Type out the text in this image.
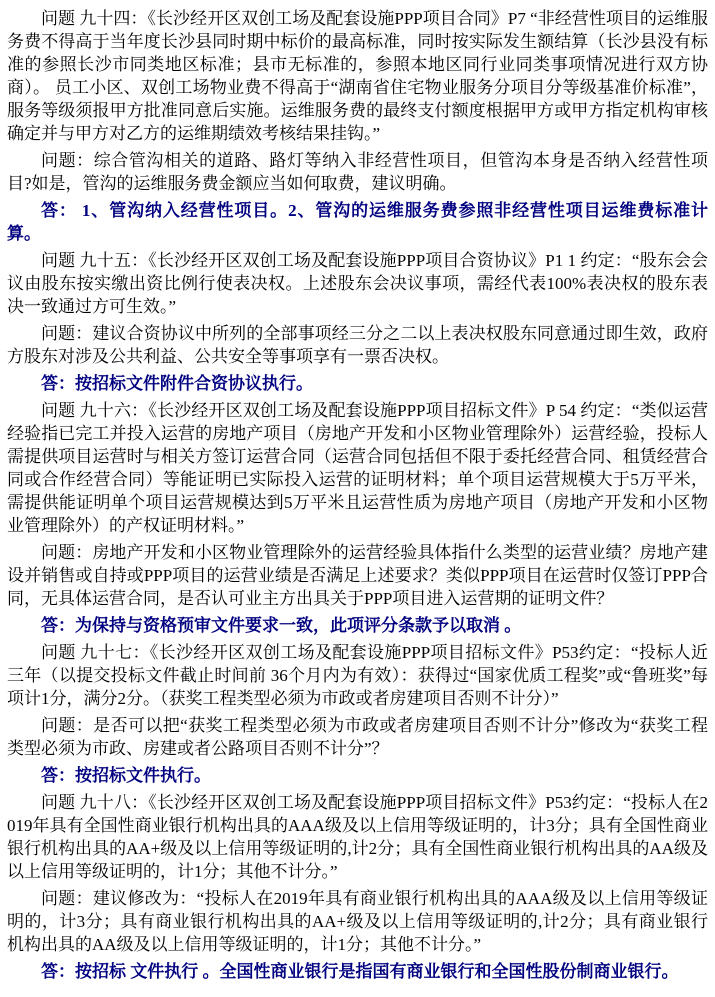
问题 九十四：《长沙经开区双创工场及配套设施PPP项目合同》P7 “非经营性项目的运维服务费不得高于当年度长沙县同时期中标价的最高标准，同时按实际发生额结算（长沙县没有标准的参照长沙市同类地区标准；县市无标准的，参照本地区同行业同类事项情况进行双方协商）。 员工小区、双创工场物业费不得高于“湖南省住宅物业服务分项目分等级基准价标准”，服务等级须报甲方批准同意后实施。运维服务费的最终支付额度根据甲方或甲方指定机构审核确定并与甲方对乙方的运维期绩效考核结果挂钩。”

问题：综合管沟相关的道路、路灯等纳入非经营性项目，但管沟本身是否纳入经营性项目?如是，管沟的运维服务费金额应当如何取费，建议明确。

答： 1、管沟纳入经营性项目。2、管沟的运维服务费参照非经营性项目运维费标准计算。

问题 九十五：《长沙经开区双创工场及配套设施PPP项目合资协议》P1 1 约定：“股东会会议由股东按实缴出资比例行使表决权。上述股东会决议事项，需经代表100%表决权的股东表决一致通过方可生效。”

问题：建议合资协议中所列的全部事项经三分之二以上表决权股东同意通过即生效，政府方股东对涉及公共利益、公共安全等事项享有一票否决权。

答：按招标文件附件合资协议执行。

问题 九十六：《长沙经开区双创工场及配套设施PPP项目招标文件》P 54 约定：“类似运营经验指已完工并投入运营的房地产项目（房地产开发和小区物业管理除外）运营经验，投标人需提供项目运营时与相关方签订运营合同（运营合同包括但不限于委托经营合同、租赁经营合同或合作经营合同）等能证明已实际投入运营的证明材料；单个项目运营规模大于5万平米，需提供能证明单个项目运营规模达到5万平米且运营性质为房地产项目（房地产开发和小区物业管理除外）的产权证明材料。”

问题：房地产开发和小区物业管理除外的运营经验具体指什么类型的运营业绩？房地产建设并销售或自持或PPP项目的运营业绩是否满足上述要求？类似PPP项目在运营时仅签订PPP合同，无具体运营合同，是否认可业主方出具关于PPP项目进入运营期的证明文件？

答：为保持与资格预审文件要求一致，此项评分条款予以取消 。

问题 九十七：《长沙经开区双创工场及配套设施PPP项目招标文件》P53约定：“投标人近三年（以提交投标文件截止时间前 36个月内为有效）：获得过“国家优质工程奖”或“鲁班奖”每项计1分，满分2分。（获奖工程类型必须为市政或者房建项目否则不计分）”

问题：是否可以把“获奖工程类型必须为市政或者房建项目否则不计分”修改为“获奖工程类型必须为市政、房建或者公路项目否则不计分”？

答：按招标文件执行。

问题 九十八：《长沙经开区双创工场及配套设施PPP项目招标文件》P53约定：“投标人在2019年具有全国性商业银行机构出具的AAA级及以上信用等级证明的，计3分；具有全国性商业银行机构出具的AA+级及以上信用等级证明的,计2分；具有全国性商业银行机构出具的AA级及以上信用等级证明的，计1分；其他不计分。”

问题：建议修改为：“投标人在2019年具有商业银行机构出具的AAA级及以上信用等级证明的，计3分；具有商业银行机构出具的AA+级及以上信用等级证明的,计2分；具有商业银行机构出具的AA级及以上信用等级证明的，计1分；其他不计分。”

答：按招标 文件执行 。全国性商业银行是指国有商业银行和全国性股份制商业银行。
